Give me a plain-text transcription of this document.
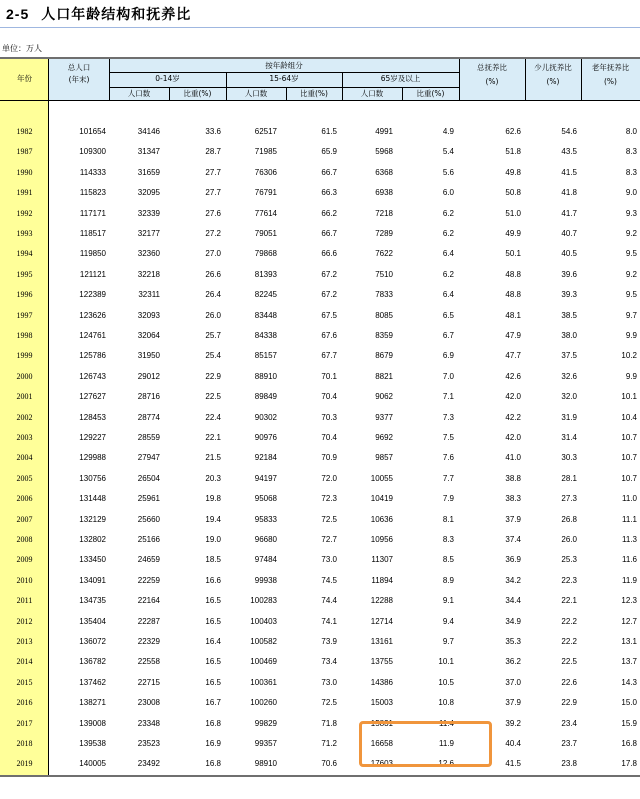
2-5 人口年龄结构和抚养比
单位：万人
年份
总人口
(年末)
按年龄组分
0-14岁	15-64岁	65岁及以上
人口数	比重(%)	人口数	比重(%)	人口数	比重(%)
总抚养比
(%)
少儿抚养比
(%)
老年抚养比
(%)
1982	101654	34146	33.6	62517	61.5	4991	4.9	62.6	54.6	8.0
1987	109300	31347	28.7	71985	65.9	5968	5.4	51.8	43.5	8.3
1990	114333	31659	27.7	76306	66.7	6368	5.6	49.8	41.5	8.3
1991	115823	32095	27.7	76791	66.3	6938	6.0	50.8	41.8	9.0
1992	117171	32339	27.6	77614	66.2	7218	6.2	51.0	41.7	9.3
1993	118517	32177	27.2	79051	66.7	7289	6.2	49.9	40.7	9.2
1994	119850	32360	27.0	79868	66.6	7622	6.4	50.1	40.5	9.5
1995	121121	32218	26.6	81393	67.2	7510	6.2	48.8	39.6	9.2
1996	122389	32311	26.4	82245	67.2	7833	6.4	48.8	39.3	9.5
1997	123626	32093	26.0	83448	67.5	8085	6.5	48.1	38.5	9.7
1998	124761	32064	25.7	84338	67.6	8359	6.7	47.9	38.0	9.9
1999	125786	31950	25.4	85157	67.7	8679	6.9	47.7	37.5	10.2
2000	126743	29012	22.9	88910	70.1	8821	7.0	42.6	32.6	9.9
2001	127627	28716	22.5	89849	70.4	9062	7.1	42.0	32.0	10.1
2002	128453	28774	22.4	90302	70.3	9377	7.3	42.2	31.9	10.4
2003	129227	28559	22.1	90976	70.4	9692	7.5	42.0	31.4	10.7
2004	129988	27947	21.5	92184	70.9	9857	7.6	41.0	30.3	10.7
2005	130756	26504	20.3	94197	72.0	10055	7.7	38.8	28.1	10.7
2006	131448	25961	19.8	95068	72.3	10419	7.9	38.3	27.3	11.0
2007	132129	25660	19.4	95833	72.5	10636	8.1	37.9	26.8	11.1
2008	132802	25166	19.0	96680	72.7	10956	8.3	37.4	26.0	11.3
2009	133450	24659	18.5	97484	73.0	11307	8.5	36.9	25.3	11.6
2010	134091	22259	16.6	99938	74.5	11894	8.9	34.2	22.3	11.9
2011	134735	22164	16.5	100283	74.4	12288	9.1	34.4	22.1	12.3
2012	135404	22287	16.5	100403	74.1	12714	9.4	34.9	22.2	12.7
2013	136072	22329	16.4	100582	73.9	13161	9.7	35.3	22.2	13.1
2014	136782	22558	16.5	100469	73.4	13755	10.1	36.2	22.5	13.7
2015	137462	22715	16.5	100361	73.0	14386	10.5	37.0	22.6	14.3
2016	138271	23008	16.7	100260	72.5	15003	10.8	37.9	22.9	15.0
2017	139008	23348	16.8	99829	71.8	15831	11.4	39.2	23.4	15.9
2018	139538	23523	16.9	99357	71.2	16658	11.9	40.4	23.7	16.8
2019	140005	23492	16.8	98910	70.6	17603	12.6	41.5	23.8	17.8
